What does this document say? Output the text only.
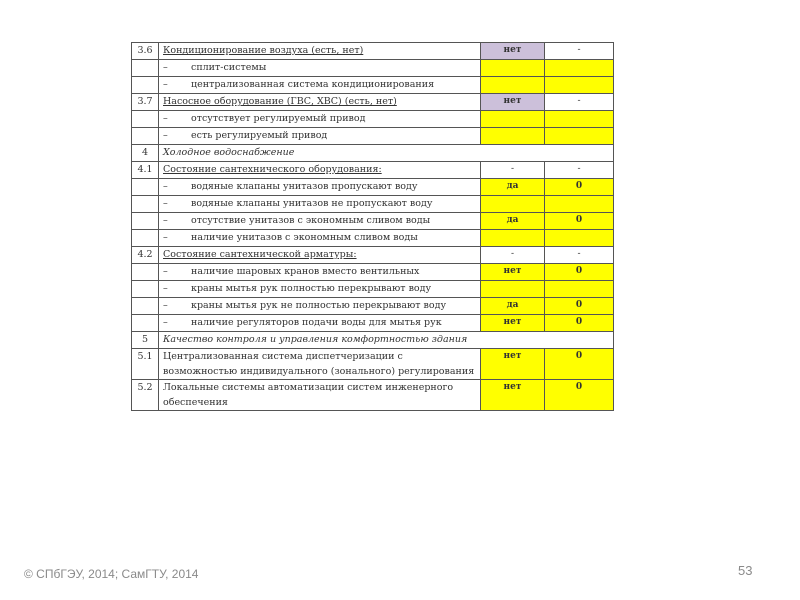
3.6	Кондиционирование воздуха (есть, нет)	нет	-
	– сплит-системы		
	– централизованная система кондиционирования		
3.7	Насосное оборудование (ГВС, ХВС) (есть, нет)	нет	-
	– отсутствует регулируемый привод		
	– есть регулируемый привод		
4	Холодное водоснабжение		
4.1	Состояние сантехнического оборудования:	-	-
	– водяные клапаны унитазов пропускают воду	да	0
	– водяные клапаны унитазов не пропускают воду		
	– отсутствие унитазов с экономным сливом воды	да	0
	– наличие унитазов с экономным сливом воды		
4.2	Состояние сантехнической арматуры:	-	-
	– наличие шаровых кранов вместо вентильных	нет	0
	– краны мытья рук полностью перекрывают воду		
	– краны мытья рук не полностью перекрывают воду	да	0
	– наличие регуляторов подачи воды для мытья рук	нет	0
5	Качество контроля и управления комфортностью здания		
5.1	Централизованная система диспетчеризации с возможностью индивидуального (зонального) регулирования	нет	0
5.2	Локальные системы автоматизации систем инженерного обеспечения	нет	0
© СПбГЭУ, 2014; СамГТУ, 2014	53
